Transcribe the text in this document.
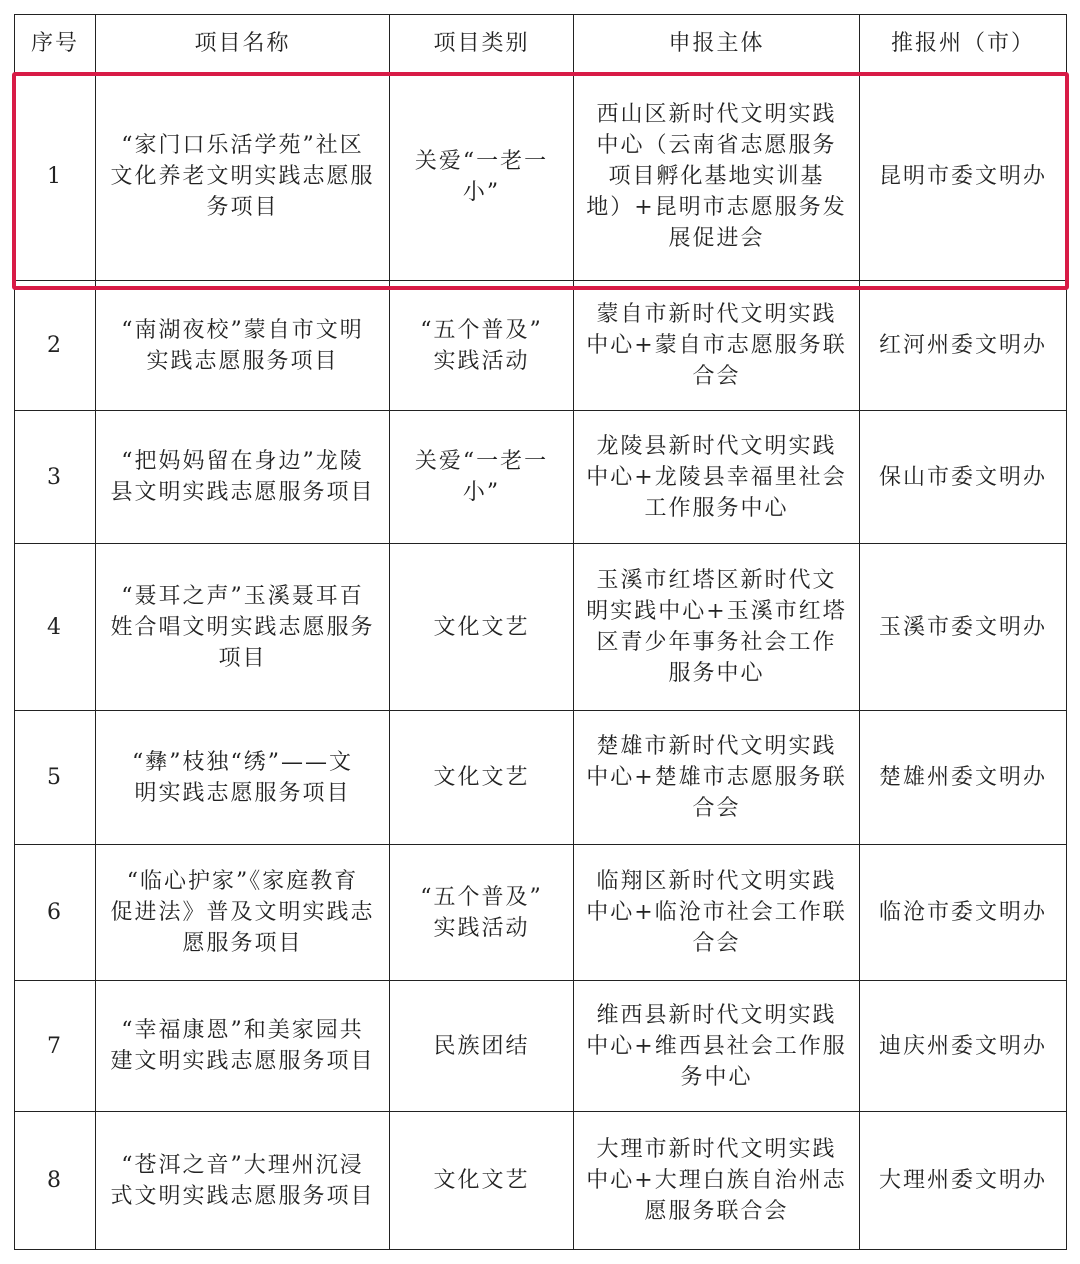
序号	项目名称	项目类别	申报主体	推报州（市）
1	“家门口乐活学苑”社区
文化养老文明实践志愿服
务项目	关爱“一老一
小”	西山区新时代文明实践
中心（云南省志愿服务
项目孵化基地实训基
地）+昆明市志愿服务发
展促进会	昆明市委文明办
2	“南湖夜校”蒙自市文明
实践志愿服务项目	“五个普及”
实践活动	蒙自市新时代文明实践
中心+蒙自市志愿服务联
合会	红河州委文明办
3	“把妈妈留在身边”龙陵
县文明实践志愿服务项目	关爱“一老一
小”	龙陵县新时代文明实践
中心+龙陵县幸福里社会
工作服务中心	保山市委文明办
4	“聂耳之声”玉溪聂耳百
姓合唱文明实践志愿服务
项目	文化文艺	玉溪市红塔区新时代文
明实践中心+玉溪市红塔
区青少年事务社会工作
服务中心	玉溪市委文明办
5	“彝”枝独“绣”——文
明实践志愿服务项目	文化文艺	楚雄市新时代文明实践
中心+楚雄市志愿服务联
合会	楚雄州委文明办
6	“临心护家”《家庭教育
促进法》普及文明实践志
愿服务项目	“五个普及”
实践活动	临翔区新时代文明实践
中心+临沧市社会工作联
合会	临沧市委文明办
7	“幸福康恩”和美家园共
建文明实践志愿服务项目	民族团结	维西县新时代文明实践
中心+维西县社会工作服
务中心	迪庆州委文明办
8	“苍洱之音”大理州沉浸
式文明实践志愿服务项目	文化文艺	大理市新时代文明实践
中心+大理白族自治州志
愿服务联合会	大理州委文明办
